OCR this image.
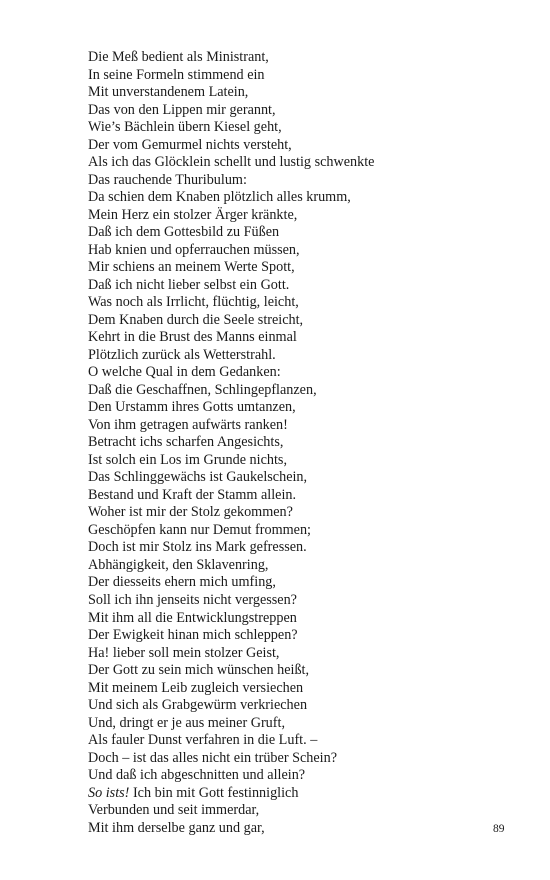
Die Meß bedient als Ministrant,
In seine Formeln stimmend ein
Mit unverstandenem Latein,
Das von den Lippen mir gerannt,
Wie’s Bächlein übern Kiesel geht,
Der vom Gemurmel nichts versteht,
Als ich das Glöcklein schellt und lustig schwenkte
Das rauchende Thuribulum:
Da schien dem Knaben plötzlich alles krumm,
Mein Herz ein stolzer Ärger kränkte,
Daß ich dem Gottesbild zu Füßen
Hab knien und opferrauchen müssen,
Mir schiens an meinem Werte Spott,
Daß ich nicht lieber selbst ein Gott.
Was noch als Irrlicht, flüchtig, leicht,
Dem Knaben durch die Seele streicht,
Kehrt in die Brust des Manns einmal
Plötzlich zurück als Wetterstrahl.
O welche Qual in dem Gedanken:
Daß die Geschaffnen, Schlingepflanzen,
Den Urstamm ihres Gotts umtanzen,
Von ihm getragen aufwärts ranken!
Betracht ichs scharfen Angesichts,
Ist solch ein Los im Grunde nichts,
Das Schlinggewächs ist Gaukelschein,
Bestand und Kraft der Stamm allein.
Woher ist mir der Stolz gekommen?
Geschöpfen kann nur Demut frommen;
Doch ist mir Stolz ins Mark gefressen.
Abhängigkeit, den Sklavenring,
Der diesseits ehern mich umfing,
Soll ich ihn jenseits nicht vergessen?
Mit ihm all die Entwicklungstreppen
Der Ewigkeit hinan mich schleppen?
Ha! lieber soll mein stolzer Geist,
Der Gott zu sein mich wünschen heißt,
Mit meinem Leib zugleich versiechen
Und sich als Grabgewürm verkriechen
Und, dringt er je aus meiner Gruft,
Als fauler Dunst verfahren in die Luft. –
Doch – ist das alles nicht ein trüber Schein?
Und daß ich abgeschnitten und allein?
So ists! Ich bin mit Gott festinniglich
Verbunden und seit immerdar,
Mit ihm derselbe ganz und gar,	89
